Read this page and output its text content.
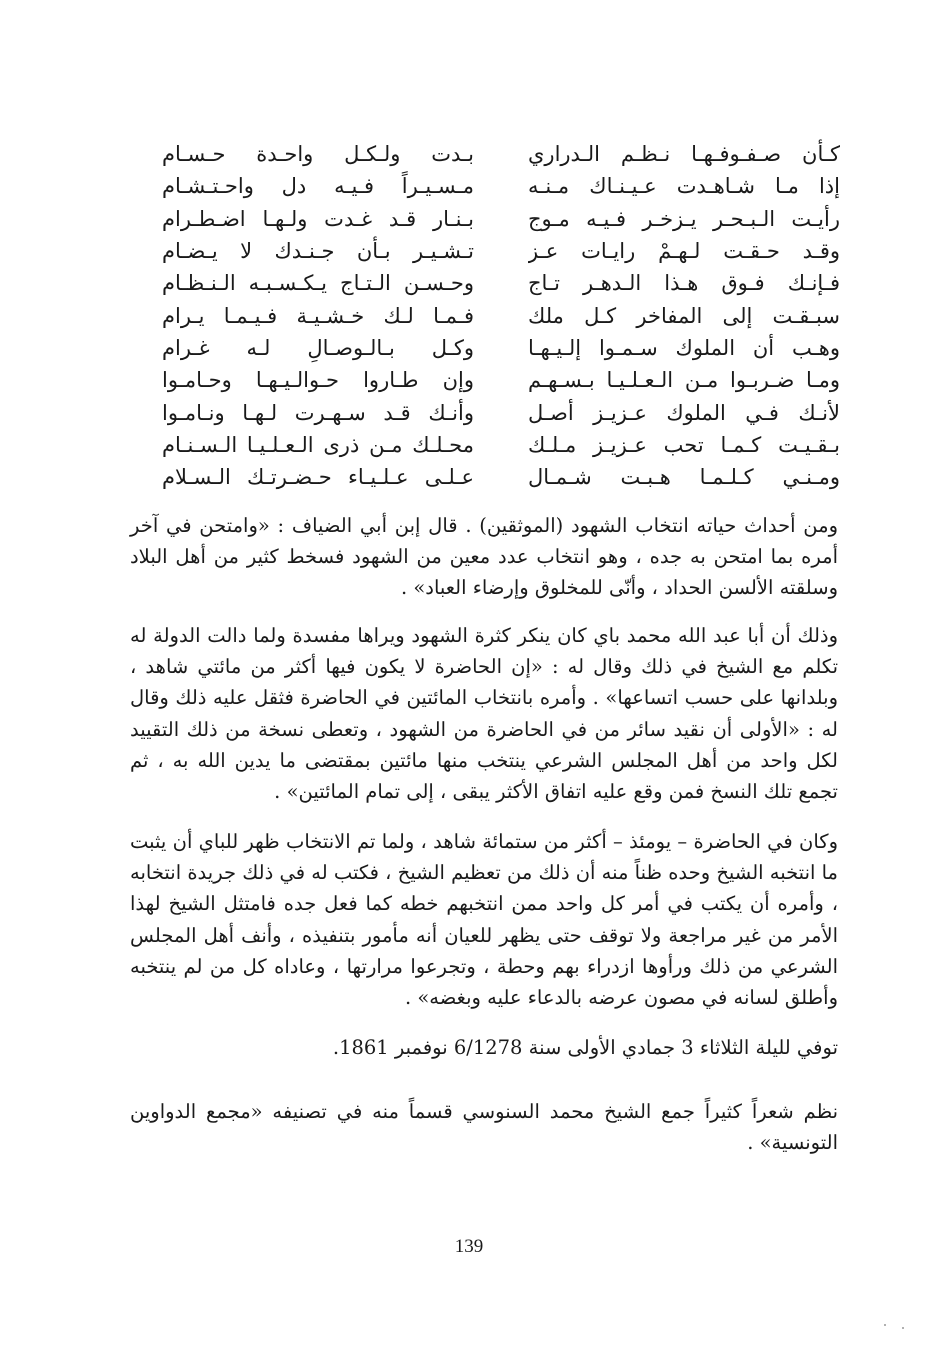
كـأن صـفـوفـهـا نـظـم الـدراري
بـدت ولـكـل واحـدة حـسـام
إذا مـا شـاهـدت عـيـنـاك مـنـه
مـسـيـراً فـيـه دل واحـتـشـام
رأيـت الـبـحـر يـزخـر فـيـه مـوج
بـنـار قـد غـدت ولـهـا اضـطـرام
وقـد حـقـت لـهـمْ رايـات عـز
تـشـيـر بـأن جـنـدك لا يـضـام
فـإنـك فـوق هـذا الـدهـر تـاج
وحـسـن الـتـاج يـكـسـبـه الـنـظـام
سبـقـت إلى المفاخر كـل ملك
فـمـا لـك خـشـيـة فـيـمـا يـرام
وهـب أن الملوك سـمـوا إلـيـهـا
وكـل بـالـوصـالِ لـه غـرام
ومـا ضـربـوا مـن الـعـلـيـا بـسـهـم
وإن طـاروا حـوالـيـهـا وحـامـوا
لأنـك فـي الملوك عـزيـز أصـل
وأنـك قـد سـهـرت لـهـا ونـامـوا
بـقـيـت كـمـا تحب عـزيـز مـلـك
محـلـك مـن ذرى الـعـلـيـا الـسـنـام
ومـنـي كـلـمـا هـبـت شـمـال
عـلـى عـلـيـاء حـضـرتـك الـسـلام

ومن أحداث حياته انتخاب الشهود (الموثقين) . قال إبن أبي الضياف : «وامتحن في آخر أمره بما امتحن به جده ، وهو انتخاب عدد معين من الشهود فسخط كثير من أهل البلاد وسلقته الألسن الحداد ، وأنّى للمخلوق وإرضاء العباد» .

وذلك أن أبا عبد الله محمد باي كان ينكر كثرة الشهود ويراها مفسدة ولما دالت الدولة له تكلم مع الشيخ في ذلك وقال له : «إن الحاضرة لا يكون فيها أكثر من مائتي شاهد ، وبلدانها على حسب اتساعها» . وأمره بانتخاب المائتين في الحاضرة فثقل عليه ذلك وقال له : «الأولى أن نقيد سائر من في الحاضرة من الشهود ، وتعطى نسخة من ذلك التقييد لكل واحد من أهل المجلس الشرعي ينتخب منها مائتين بمقتضى ما يدين الله به ، ثم تجمع تلك النسخ فمن وقع عليه اتفاق الأكثر يبقى ، إلى تمام المائتين» .

وكان في الحاضرة – يومئذ – أكثر من ستمائة شاهد ، ولما تم الانتخاب ظهر للباي أن يثبت ما انتخبه الشيخ وحده ظناً منه أن ذلك من تعظيم الشيخ ، فكتب له في ذلك جريدة انتخابه ، وأمره أن يكتب في أمر كل واحد ممن انتخبهم خطه كما فعل جده فامتثل الشيخ لهذا الأمر من غير مراجعة ولا توقف حتى يظهر للعيان أنه مأمور بتنفيذه ، وأنف أهل المجلس الشرعي من ذلك ورأوها ازدراء بهم وحطة ، وتجرعوا مرارتها ، وعاداه كل من لم ينتخبه وأطلق لسانه في مصون عرضه بالدعاء عليه وبغضه» .

توفي لليلة الثلاثاء 3 جمادي الأولى سنة 6/1278 نوفمبر 1861.

نظم شعراً كثيراً جمع الشيخ محمد السنوسي قسماً منه في تصنيفه «مجمع الدواوين التونسية» .

139
